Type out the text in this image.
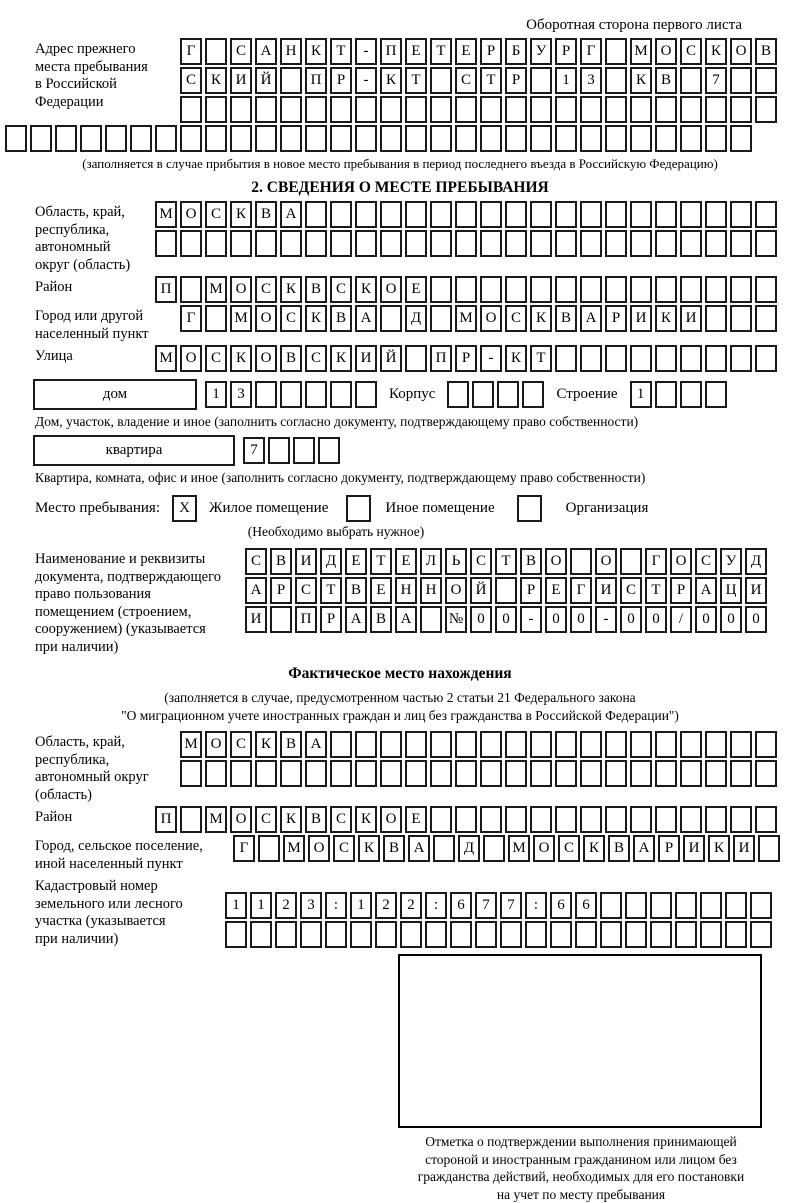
Оборотная сторона первого листа
Адрес прежнего
места пребывания
в Российской
Федерации
Г	С А Н К	Т	-	П Е	Т	Е	Р	Б	У	Р	Г	М О С К О В
С К И Й	П	Р	-	К	Т	С	Т	Р	1	3	К В	7
(заполняется в случае прибытия в новое место пребывания в период последнего въезда в Российскую Федерацию)
2. СВЕДЕНИЯ О МЕСТЕ ПРЕБЫВАНИЯ
Область, край,
республика,
автономный
округ (область)
М О С К В А
Район	П	М О С К В С К О Е
Город или другой
населенный пункт
Г	М О С К В А	Д	М О С К В А	Р	И К И
Улица	М О С К О В С К И Й	П	Р	-	К	Т
дом	1	3	Корпус	Строение	1
Дом, участок, владение и иное (заполнить согласно документу, подтверждающему право собственности)
квартира	7
Квартира, комната, офис и иное (заполнить согласно документу, подтверждающему право собственности)
Место пребывания:	X	Жилое помещение	Иное помещение	Организация
(Необходимо выбрать нужное)
Наименование и реквизиты
документа, подтверждающего
право пользования
помещением (строением,
сооружением) (указывается
при наличии)
С В И Д	Е	Т	Е	Л	Ь	С	Т	В О	О	Г	О С У Д
А	Р	С	Т	В	Е	Н Н О Й	Р	Е	Г	И С	Т	Р	А Ц И
И	П	Р	А В А	№ 0	0	-	0	0	-	0	0	/	0	0	0
Фактическое место нахождения
(заполняется в случае, предусмотренном частью 2 статьи 21 Федерального закона
"О миграционном учете иностранных граждан и лиц без гражданства в Российской Федерации")
Область, край,
республика,
автономный округ
(область)
М О С К В А
Район	П	М О С К В С К О Е
Город, сельское поселение,
иной населенный пункт
Г	М О С К В А	Д	М О С К В А	Р	И К И
Кадастровый номер
земельного или лесного
участка (указывается
при наличии)
1	1	2	3	:	1	2	2	:	6	7	7	:	6	6
Отметка о подтверждении выполнения принимающей
стороной и иностранным гражданином или лицом без
гражданства действий, необходимых для его постановки
на учет по месту пребывания
